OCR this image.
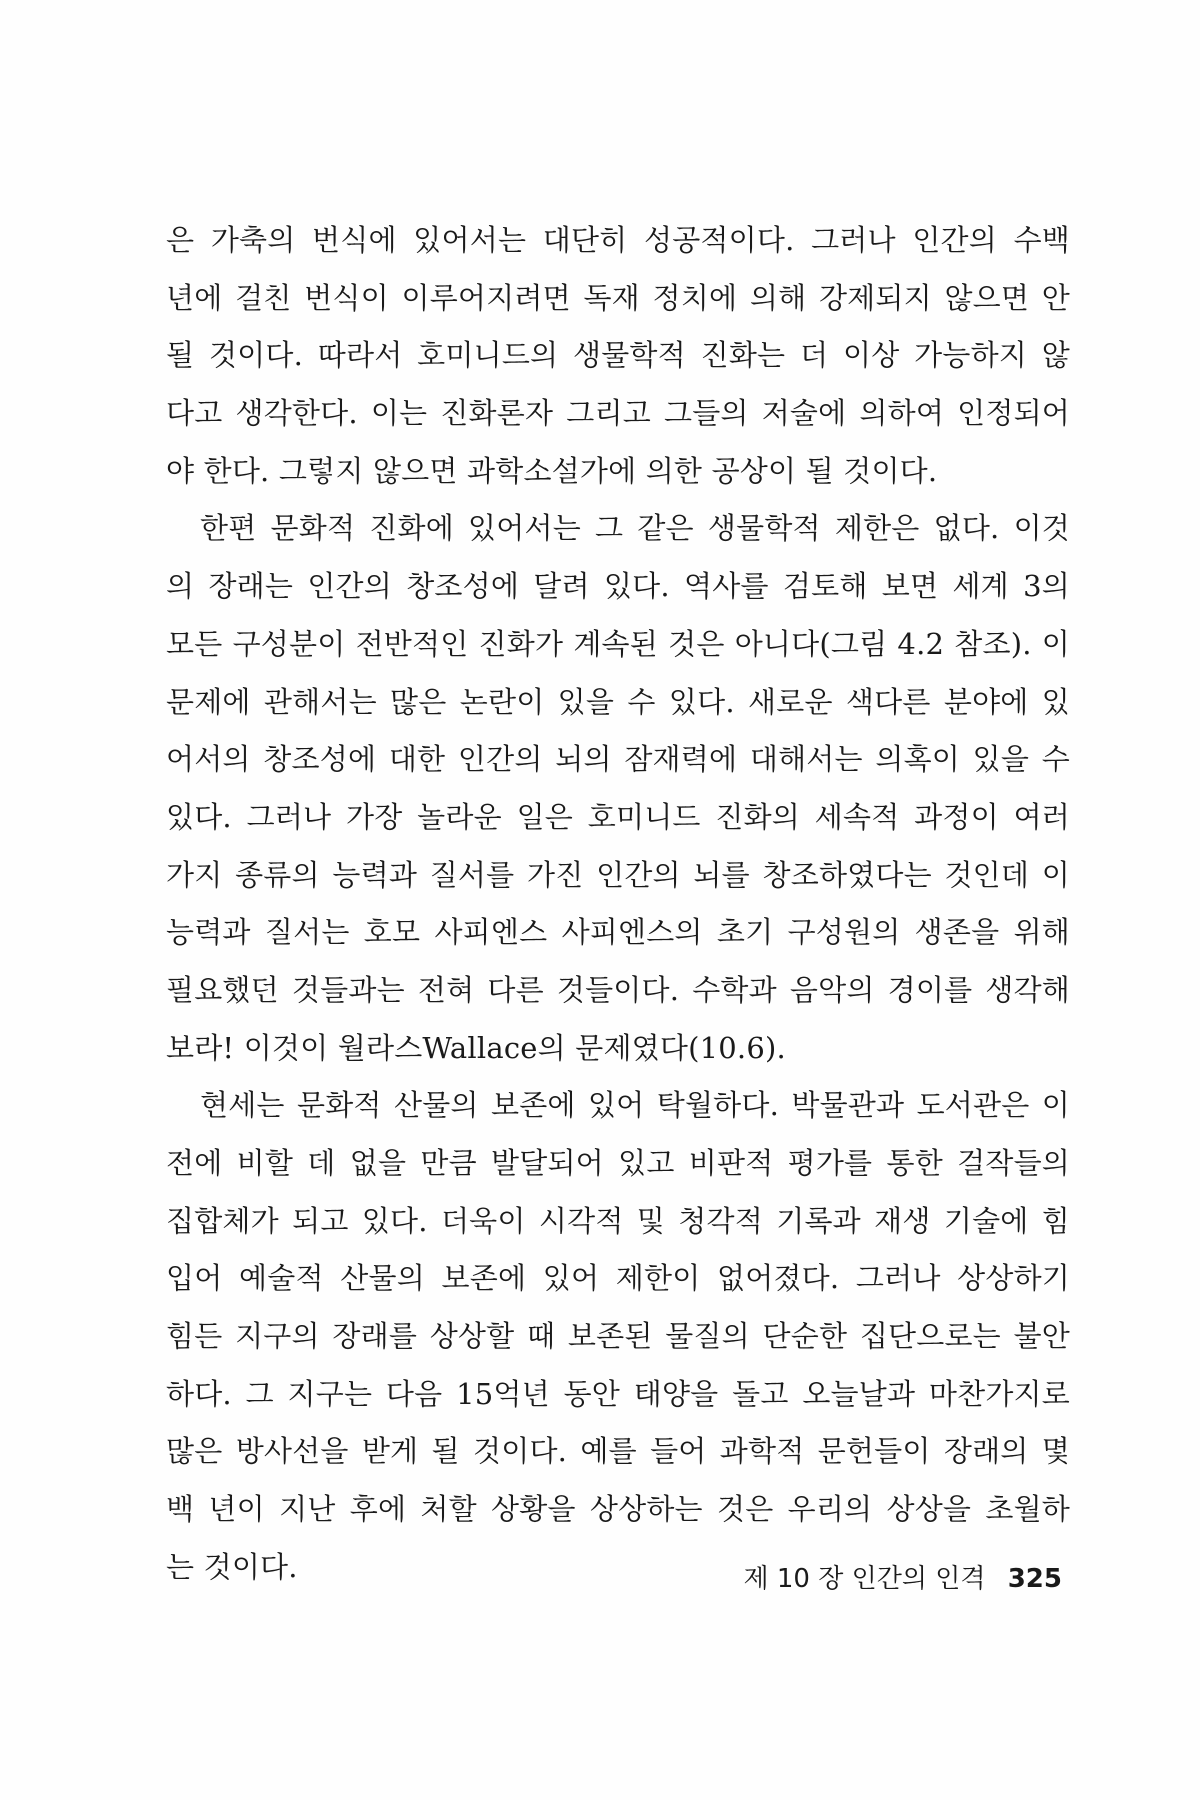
은 가축의 번식에 있어서는 대단히 성공적이다. 그러나 인간의 수백
년에 걸친 번식이 이루어지려면 독재 정치에 의해 강제되지 않으면 안
될 것이다. 따라서 호미니드의 생물학적 진화는 더 이상 가능하지 않
다고 생각한다. 이는 진화론자 그리고 그들의 저술에 의하여 인정되어
야 한다. 그렇지 않으면 과학소설가에 의한 공상이 될 것이다.
한편 문화적 진화에 있어서는 그 같은 생물학적 제한은 없다. 이것
의 장래는 인간의 창조성에 달려 있다. 역사를 검토해 보면 세계 3의
모든 구성분이 전반적인 진화가 계속된 것은 아니다(그림 4.2 참조). 이
문제에 관해서는 많은 논란이 있을 수 있다. 새로운 색다른 분야에 있
어서의 창조성에 대한 인간의 뇌의 잠재력에 대해서는 의혹이 있을 수
있다. 그러나 가장 놀라운 일은 호미니드 진화의 세속적 과정이 여러
가지 종류의 능력과 질서를 가진 인간의 뇌를 창조하였다는 것인데 이
능력과 질서는 호모 사피엔스 사피엔스의 초기 구성원의 생존을 위해
필요했던 것들과는 전혀 다른 것들이다. 수학과 음악의 경이를 생각해
보라! 이것이 월라스Wallace의 문제였다(10.6).
현세는 문화적 산물의 보존에 있어 탁월하다. 박물관과 도서관은 이
전에 비할 데 없을 만큼 발달되어 있고 비판적 평가를 통한 걸작들의
집합체가 되고 있다. 더욱이 시각적 및 청각적 기록과 재생 기술에 힘
입어 예술적 산물의 보존에 있어 제한이 없어졌다. 그러나 상상하기
힘든 지구의 장래를 상상할 때 보존된 물질의 단순한 집단으로는 불안
하다. 그 지구는 다음 15억년 동안 태양을 돌고 오늘날과 마찬가지로
많은 방사선을 받게 될 것이다. 예를 들어 과학적 문헌들이 장래의 몇
백 년이 지난 후에 처할 상황을 상상하는 것은 우리의 상상을 초월하
는 것이다.	제 10 장 인간의 인격 325
